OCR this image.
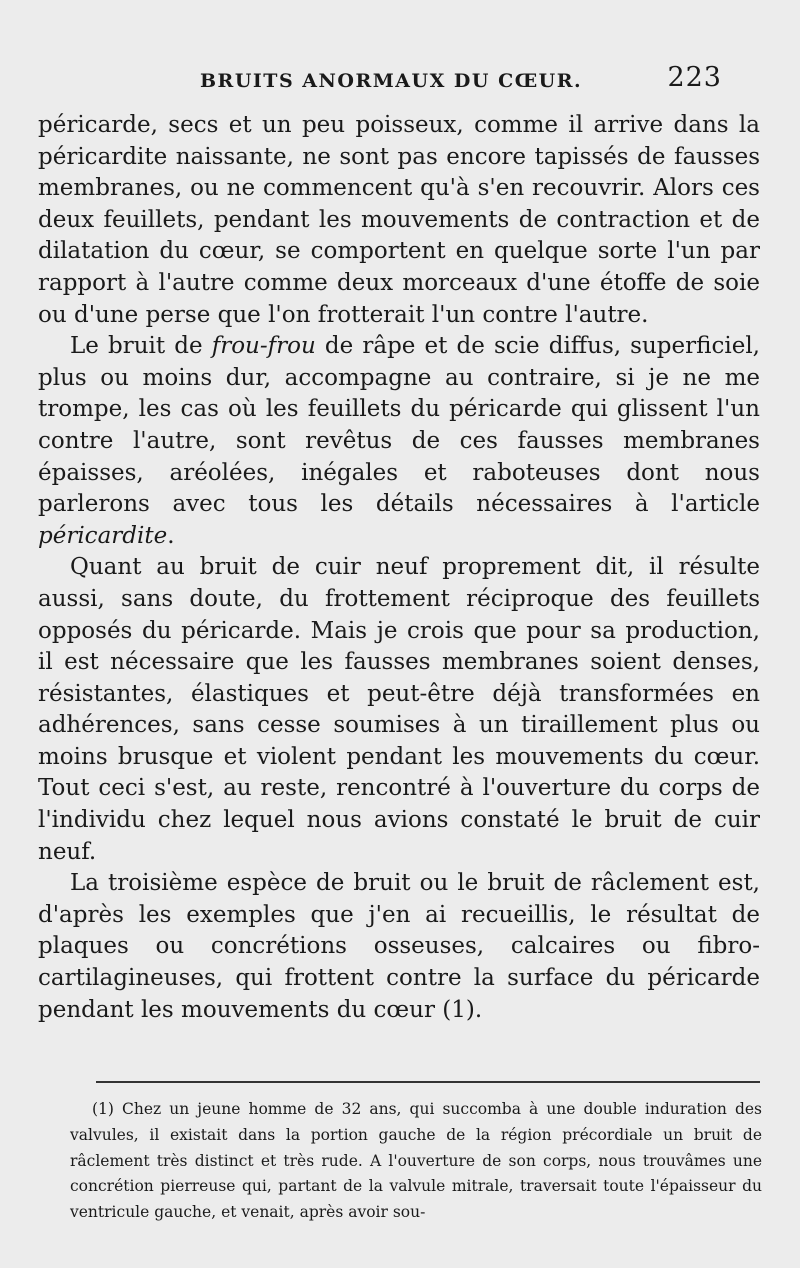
BRUITS ANORMAUX DU CŒUR.	223

péricarde, secs et un peu poisseux, comme il arrive dans la péricardite naissante, ne sont pas encore tapissés de fausses membranes, ou ne commencent qu'à s'en recouvrir. Alors ces deux feuillets, pendant les mouvements de contraction et de dilatation du cœur, se comportent en quelque sorte l'un par rapport à l'autre comme deux morceaux d'une étoffe de soie ou d'une perse que l'on frotterait l'un contre l'autre.

Le bruit de frou-frou de râpe et de scie diffus, superficiel, plus ou moins dur, accompagne au contraire, si je ne me trompe, les cas où les feuillets du péricarde qui glissent l'un contre l'autre, sont revêtus de ces fausses membranes épaisses, aréolées, inégales et raboteuses dont nous parlerons avec tous les détails nécessaires à l'article péricardite.

Quant au bruit de cuir neuf proprement dit, il résulte aussi, sans doute, du frottement réciproque des feuillets opposés du péricarde. Mais je crois que pour sa production, il est nécessaire que les fausses membranes soient denses, résistantes, élastiques et peut-être déjà transformées en adhérences, sans cesse soumises à un tiraillement plus ou moins brusque et violent pendant les mouvements du cœur. Tout ceci s'est, au reste, rencontré à l'ouverture du corps de l'individu chez lequel nous avions constaté le bruit de cuir neuf.

La troisième espèce de bruit ou le bruit de râclement est, d'après les exemples que j'en ai recueillis, le résultat de plaques ou concrétions osseuses, calcaires ou fibro-cartilagineuses, qui frottent contre la surface du péricarde pendant les mouvements du cœur (1).

(1) Chez un jeune homme de 32 ans, qui succomba à une double induration des valvules, il existait dans la portion gauche de la région précordiale un bruit de râclement très distinct et très rude. A l'ouverture de son corps, nous trouvâmes une concrétion pierreuse qui, partant de la valvule mitrale, traversait toute l'épaisseur du ventricule gauche, et venait, après avoir sou-
